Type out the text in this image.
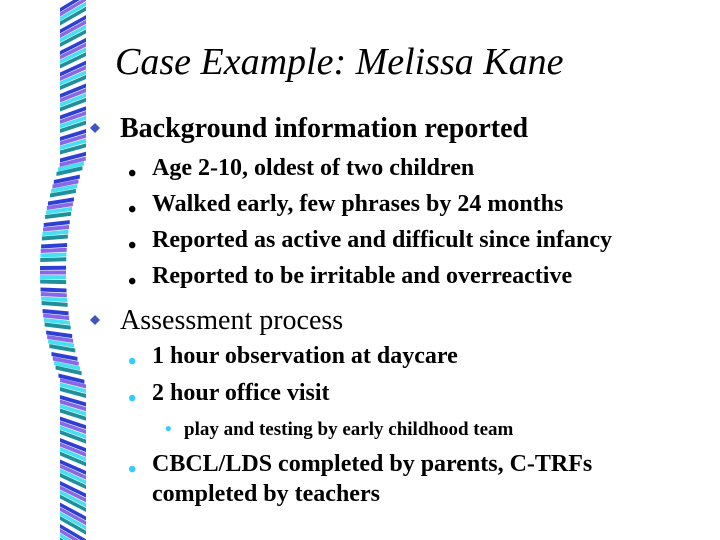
Case Example: Melissa Kane
Background information reported
• Age 2-10, oldest of two children
• Walked early, few phrases by 24 months
• Reported as active and difficult since infancy
• Reported to be irritable and overreactive
Assessment process
• 1 hour observation at daycare
• 2 hour office visit
• play and testing by early childhood team
• CBCL/LDS completed by parents, C-TRFs
completed by teachers
